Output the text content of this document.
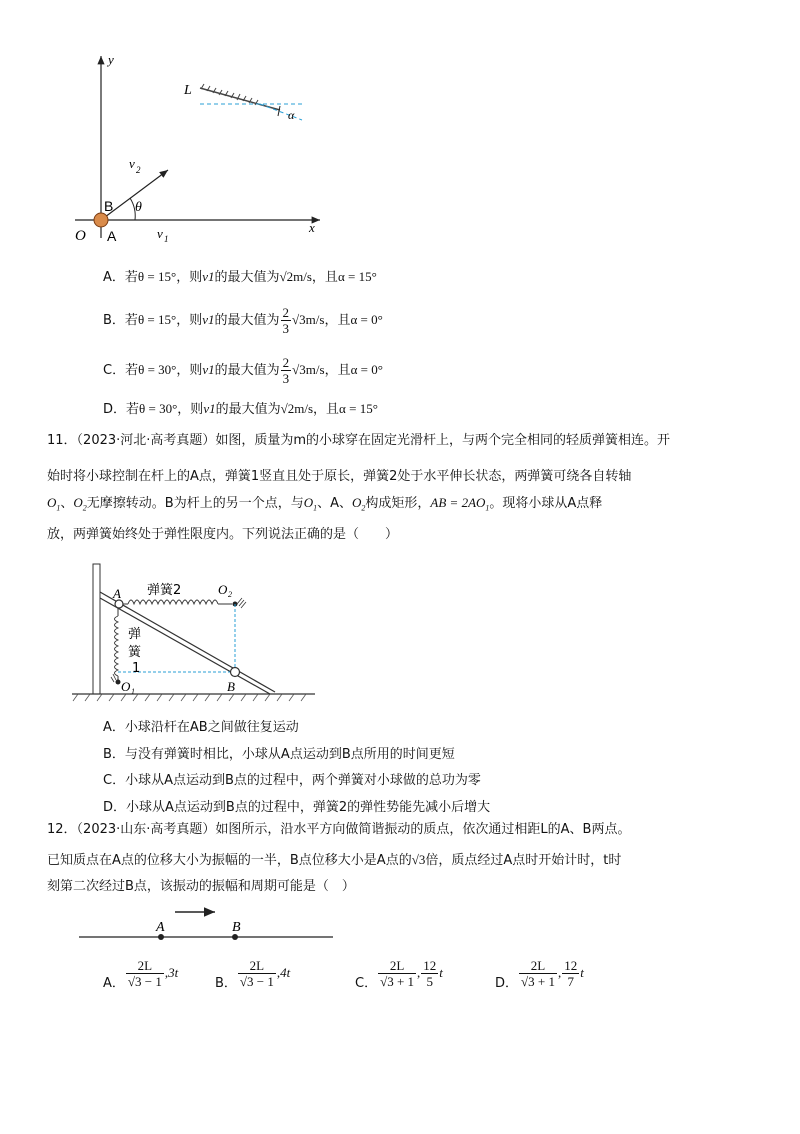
y
x
O A
B
v 1
v 2
θ
L
α
A．若θ = 15°，则v1的最大值为√2m/s，且α = 15°
B．若θ = 15°，则v1的最大值为 $\frac{2}{3} √3m/s$，且α = 0°
C．若θ = 30°，则v1的最大值为 $\frac{2}{3} √3m/s$，且α = 0°
D．若θ = 30°，则v1的最大值为√2m/s，且α = 15°

11．（2023·河北·高考真题）如图，质量为m的小球穿在固定光滑杆上，与两个完全相同的轻质弹簧相连。开

始时将小球控制在杆上的A点，弹簧1竖直且处于原长，弹簧2处于水平伸长状态，两弹簧可绕各自转轴

$O_1$、$O_2$无摩擦转动。B为杆上的另一个点，与$O_1$、A、$O_2$构成矩形，AB = $2AO_1$。现将小球从A点释

放，两弹簧始终处于弹性限度内。下列说法正确的是（　　）

A
B
弹簧2	O 2
O 1
弹
簧
1
A．小球沿杆在AB之间做往复运动
B．与没有弹簧时相比，小球从A点运动到B点所用的时间更短
C．小球从A点运动到B点的过程中，两个弹簧对小球做的总功为零
D．小球从A点运动到B点的过程中，弹簧2的弹性势能先减小后增大

12．（2023·山东·高考真题）如图所示，沿水平方向做简谐振动的质点，依次通过相距L的A、B两点。

已知质点在A点的位移大小为振幅的一半，B点位移大小是A点的√3倍，质点经过A点时开始计时，t时

刻第二次经过B点，该振动的振幅和周期可能是（　）

A	B
A． $\frac{2L}{√3 - 1} ,3t$
B． $\frac{2L}{√3 - 1} ,4t$
C． $\frac{2L}{√3 + 1}$ , $\frac{12}{5}$ t
D． $\frac{2L}{√3 + 1}$ , $\frac{12}{7}$ t
